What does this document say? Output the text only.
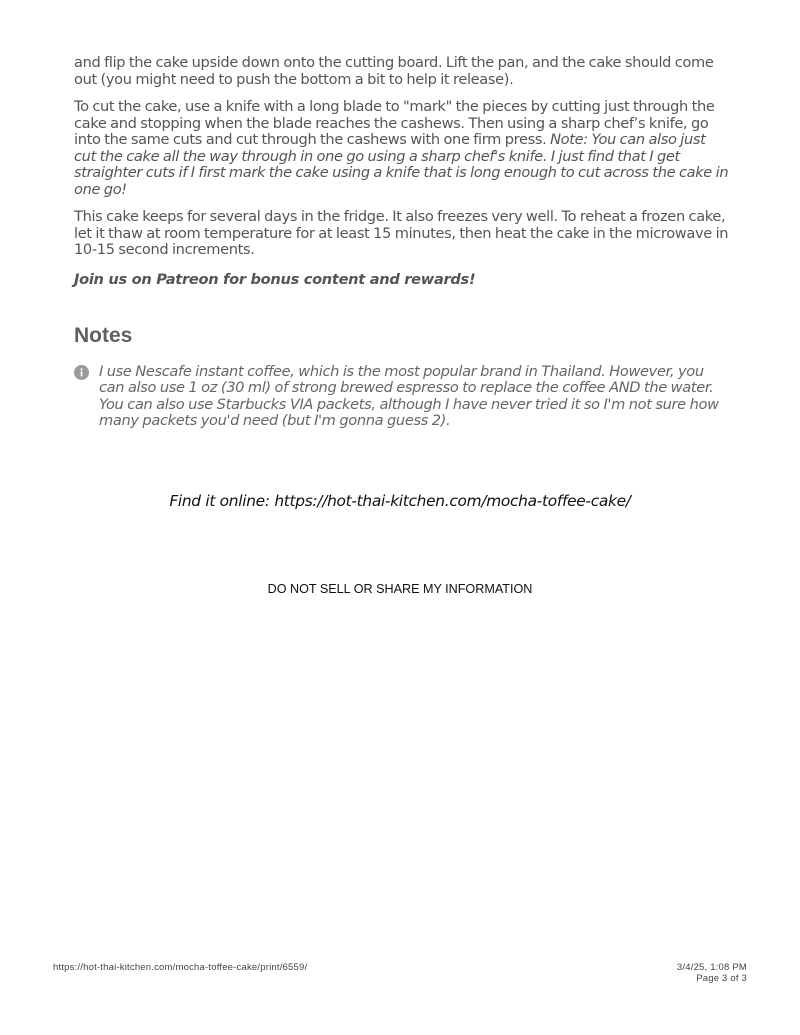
and flip the cake upside down onto the cutting board. Lift the pan, and the cake should come out (you might need to push the bottom a bit to help it release).

To cut the cake, use a knife with a long blade to "mark" the pieces by cutting just through the cake and stopping when the blade reaches the cashews. Then using a sharp chef’s knife, go into the same cuts and cut through the cashews with one firm press. Note: You can also just cut the cake all the way through in one go using a sharp chef's knife. I just find that I get straighter cuts if I first mark the cake using a knife that is long enough to cut across the cake in one go!

This cake keeps for several days in the fridge. It also freezes very well. To reheat a frozen cake, let it thaw at room temperature for at least 15 minutes, then heat the cake in the microwave in 10-15 second increments.

Join us on Patreon for bonus content and rewards!

Notes

I use Nescafe instant coffee, which is the most popular brand in Thailand. However, you can also use 1 oz (30 ml) of strong brewed espresso to replace the coffee AND the water. You can also use Starbucks VIA packets, although I have never tried it so I'm not sure how many packets you'd need (but I'm gonna guess 2).

Find it online: https://hot-thai-kitchen.com/mocha-toffee-cake/
DO NOT SELL OR SHARE MY INFORMATION
https://hot-thai-kitchen.com/mocha-toffee-cake/print/6559/	3/4/25, 1:08 PM
Page 3 of 3
